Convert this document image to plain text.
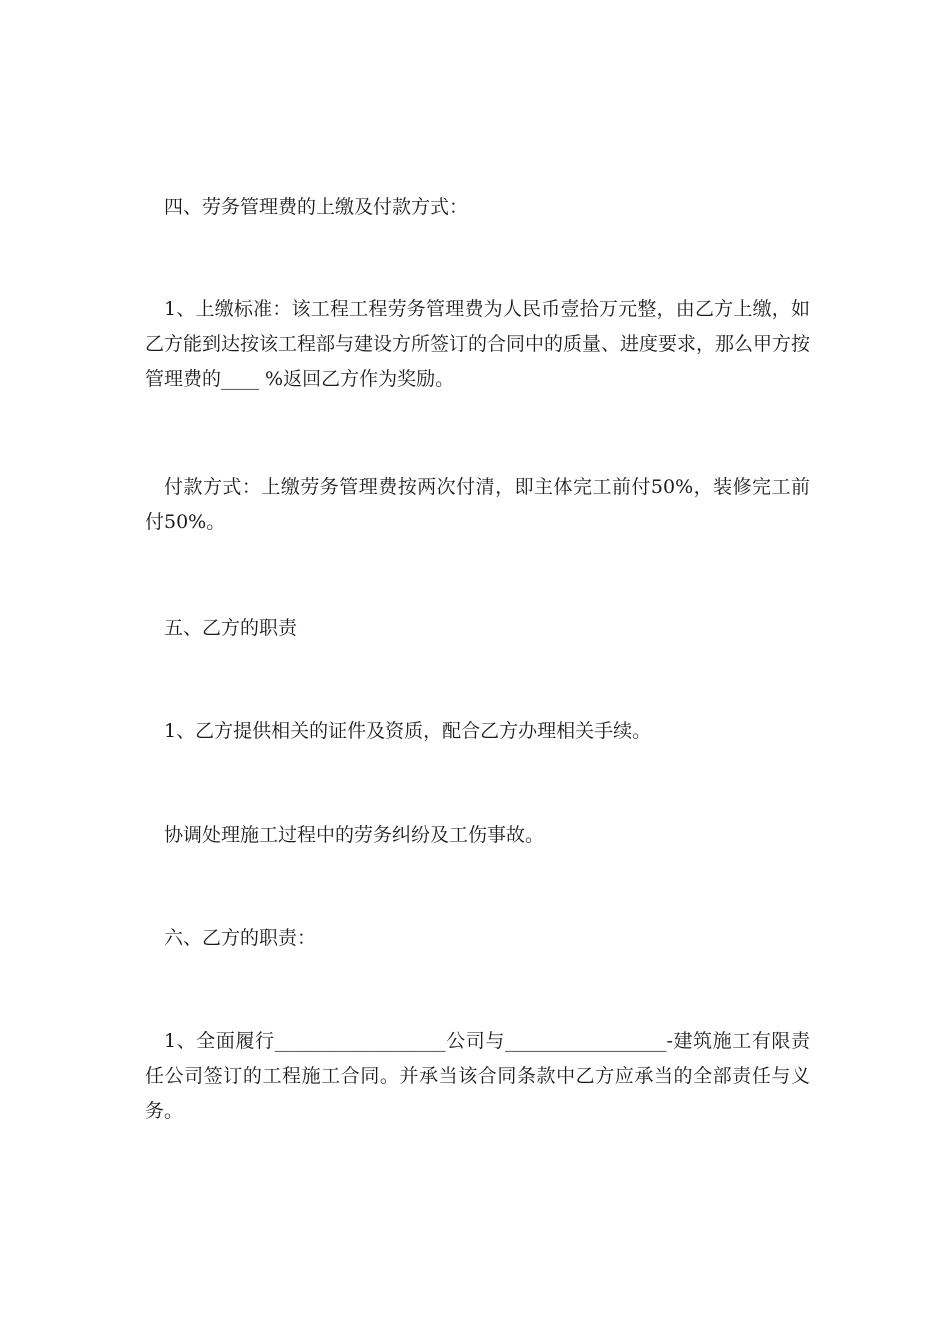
四、劳务管理费的上缴及付款方式：

1、上缴标准：该工程工程劳务管理费为人民币壹拾万元整，由乙方上缴，如乙方能到达按该工程部与建设方所签订的合同中的质量、进度要求，那么甲方按管理费的____ %返回乙方作为奖励。

付款方式：上缴劳务管理费按两次付清，即主体完工前付50%，装修完工前付50%。

五、乙方的职责

1、乙方提供相关的证件及资质，配合乙方办理相关手续。

协调处理施工过程中的劳务纠纷及工伤事故。

六、乙方的职责：

1、全面履行__________________公司与_________________-建筑施工有限责任公司签订的工程施工合同。并承当该合同条款中乙方应承当的全部责任与义务。
